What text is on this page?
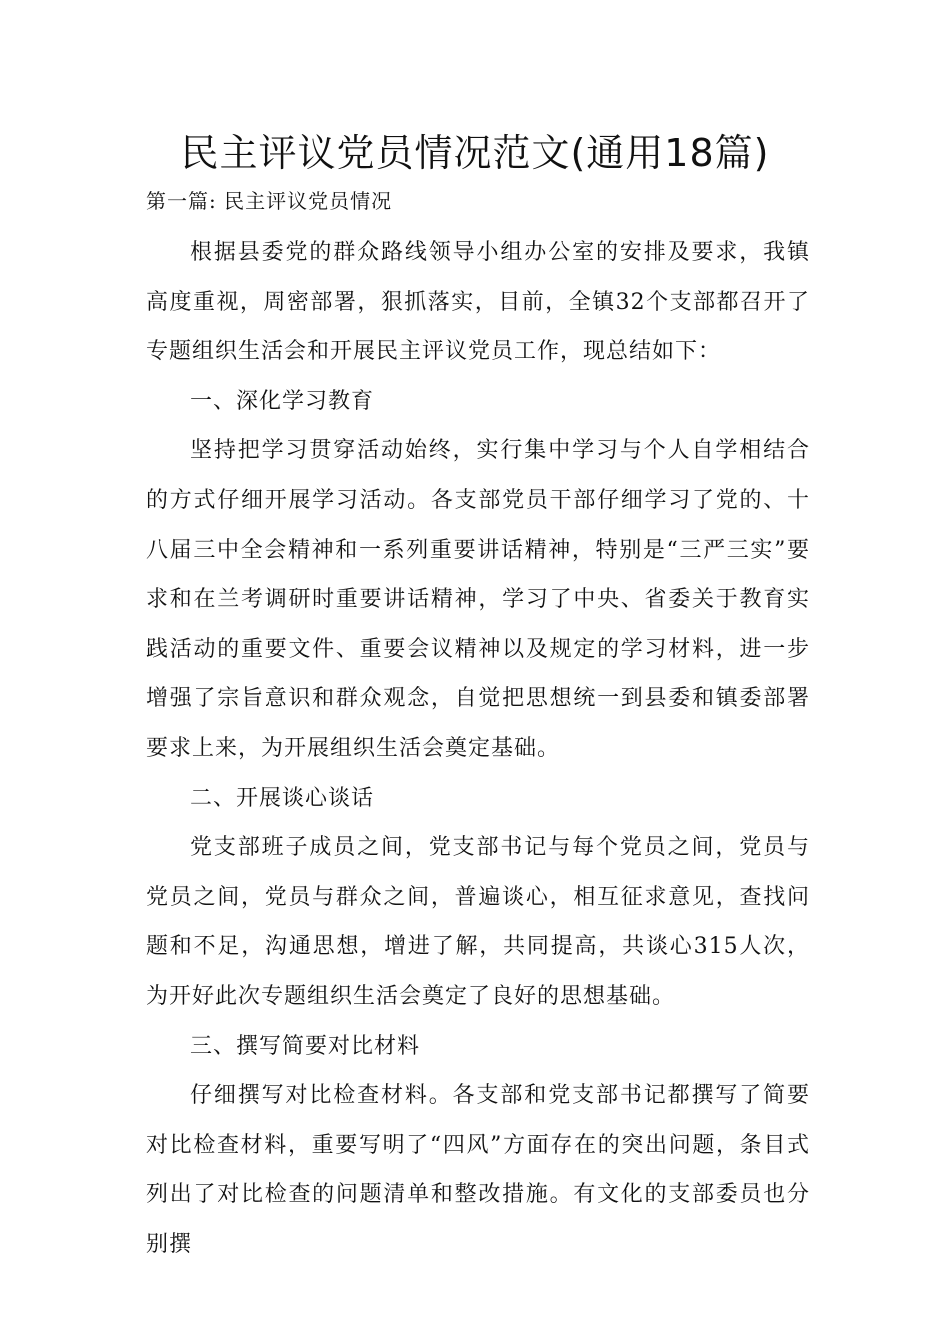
民主评议党员情况范文(通用18篇)
第一篇: 民主评议党员情况

根据县委党的群众路线领导小组办公室的安排及要求，我镇高度重视，周密部署，狠抓落实，目前，全镇32个支部都召开了专题组织生活会和开展民主评议党员工作，现总结如下：

一、深化学习教育

坚持把学习贯穿活动始终，实行集中学习与个人自学相结合的方式仔细开展学习活动。各支部党员干部仔细学习了党的、十八届三中全会精神和一系列重要讲话精神，特别是“三严三实”要求和在兰考调研时重要讲话精神，学习了中央、省委关于教育实践活动的重要文件、重要会议精神以及规定的学习材料，进一步增强了宗旨意识和群众观念，自觉把思想统一到县委和镇委部署要求上来，为开展组织生活会奠定基础。

二、开展谈心谈话

党支部班子成员之间，党支部书记与每个党员之间，党员与党员之间，党员与群众之间，普遍谈心，相互征求意见，查找问题和不足，沟通思想，增进了解，共同提高，共谈心315人次，为开好此次专题组织生活会奠定了良好的思想基础。

三、撰写简要对比材料

仔细撰写对比检查材料。各支部和党支部书记都撰写了简要对比检查材料，重要写明了“四风”方面存在的突出问题，条目式列出了对比检查的问题清单和整改措施。有文化的支部委员也分别撰
